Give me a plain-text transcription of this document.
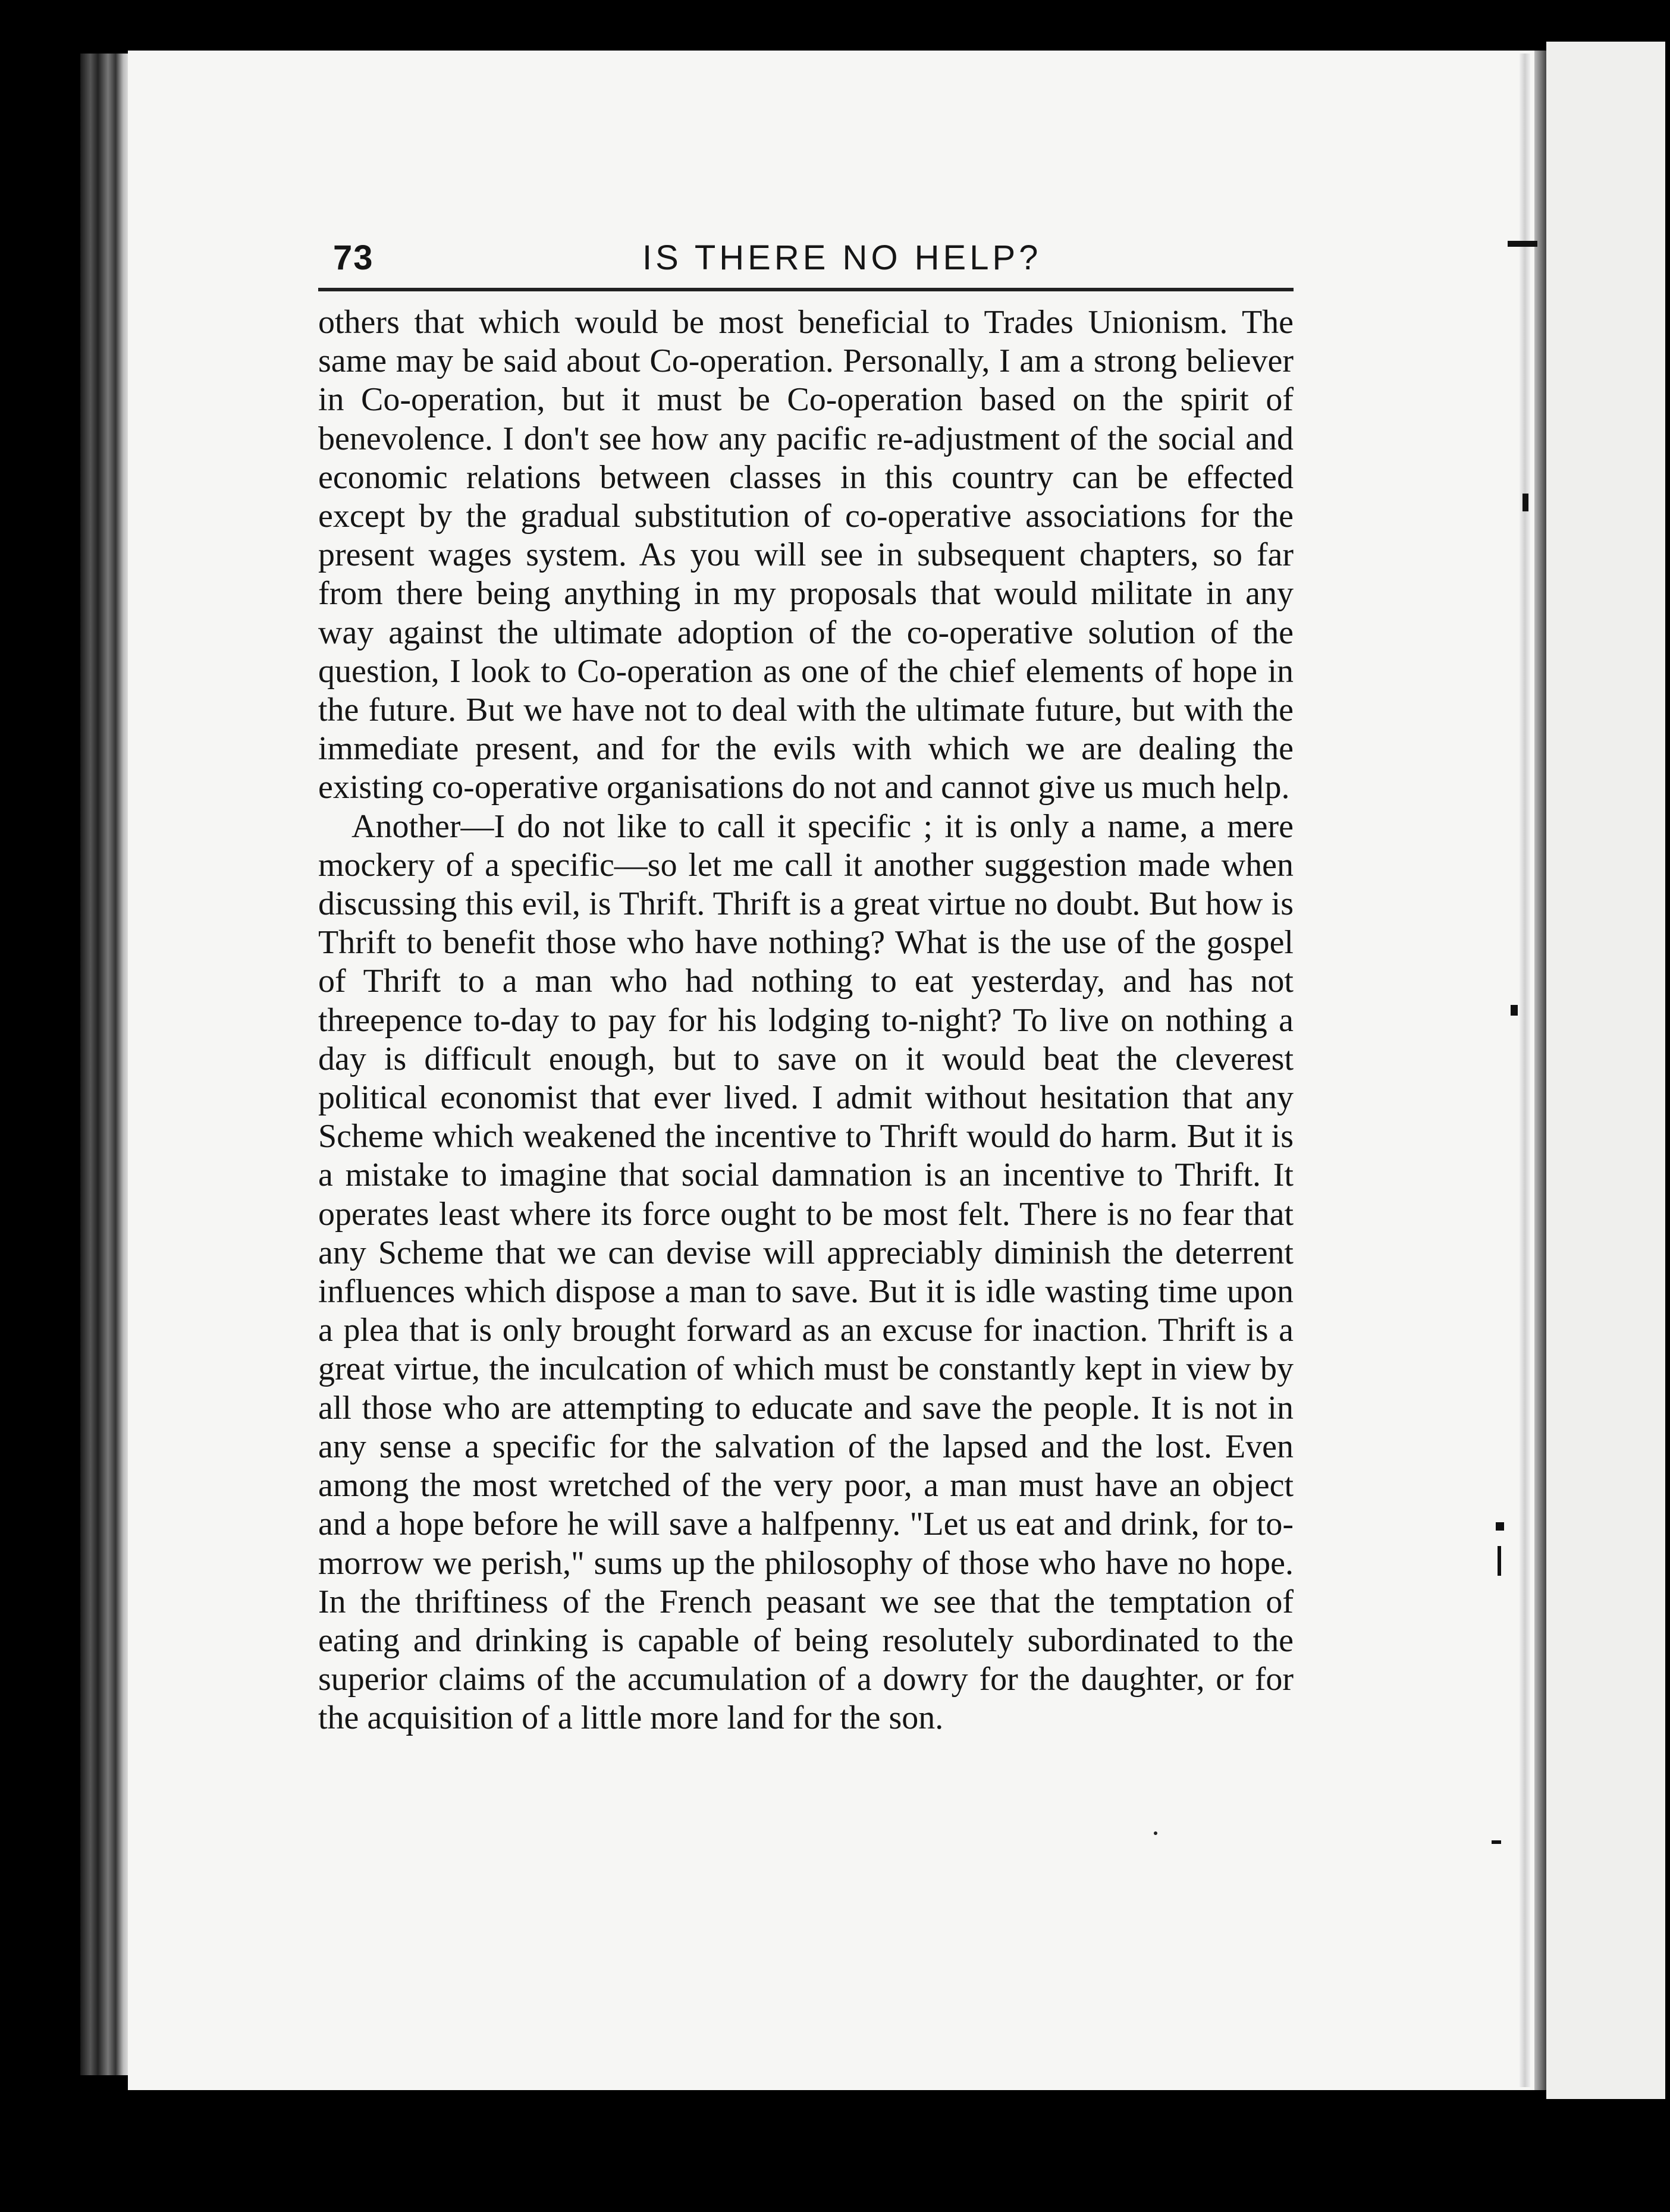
73	IS THERE NO HELP?

others that which would be most beneficial to Trades Unionism. The same may be said about Co-operation. Personally, I am a strong believer in Co-operation, but it must be Co-operation based on the spirit of benevolence. I don't see how any pacific re-adjustment of the social and economic relations between classes in this country can be effected except by the gradual substitution of co-operative associations for the present wages system. As you will see in subsequent chapters, so far from there being anything in my proposals that would militate in any way against the ultimate adoption of the co-operative solution of the question, I look to Co-operation as one of the chief elements of hope in the future. But we have not to deal with the ultimate future, but with the immediate present, and for the evils with which we are dealing the existing co-operative organisations do not and cannot give us much help.

Another—I do not like to call it specific ; it is only a name, a mere mockery of a specific—so let me call it another suggestion made when discussing this evil, is Thrift. Thrift is a great virtue no doubt. But how is Thrift to benefit those who have nothing? What is the use of the gospel of Thrift to a man who had nothing to eat yesterday, and has not threepence to-day to pay for his lodging to-night? To live on nothing a day is difficult enough, but to save on it would beat the cleverest political economist that ever lived. I admit without hesitation that any Scheme which weakened the incentive to Thrift would do harm. But it is a mistake to imagine that social damnation is an incentive to Thrift. It operates least where its force ought to be most felt. There is no fear that any Scheme that we can devise will appreciably diminish the deterrent influences which dispose a man to save. But it is idle wasting time upon a plea that is only brought forward as an excuse for inaction. Thrift is a great virtue, the inculcation of which must be constantly kept in view by all those who are attempting to educate and save the people. It is not in any sense a specific for the salvation of the lapsed and the lost. Even among the most wretched of the very poor, a man must have an object and a hope before he will save a halfpenny. "Let us eat and drink, for to-morrow we perish," sums up the philosophy of those who have no hope. In the thriftiness of the French peasant we see that the temptation of eating and drinking is capable of being resolutely subordinated to the superior claims of the accumulation of a dowry for the daughter, or for the acquisition of a little more land for the son.
